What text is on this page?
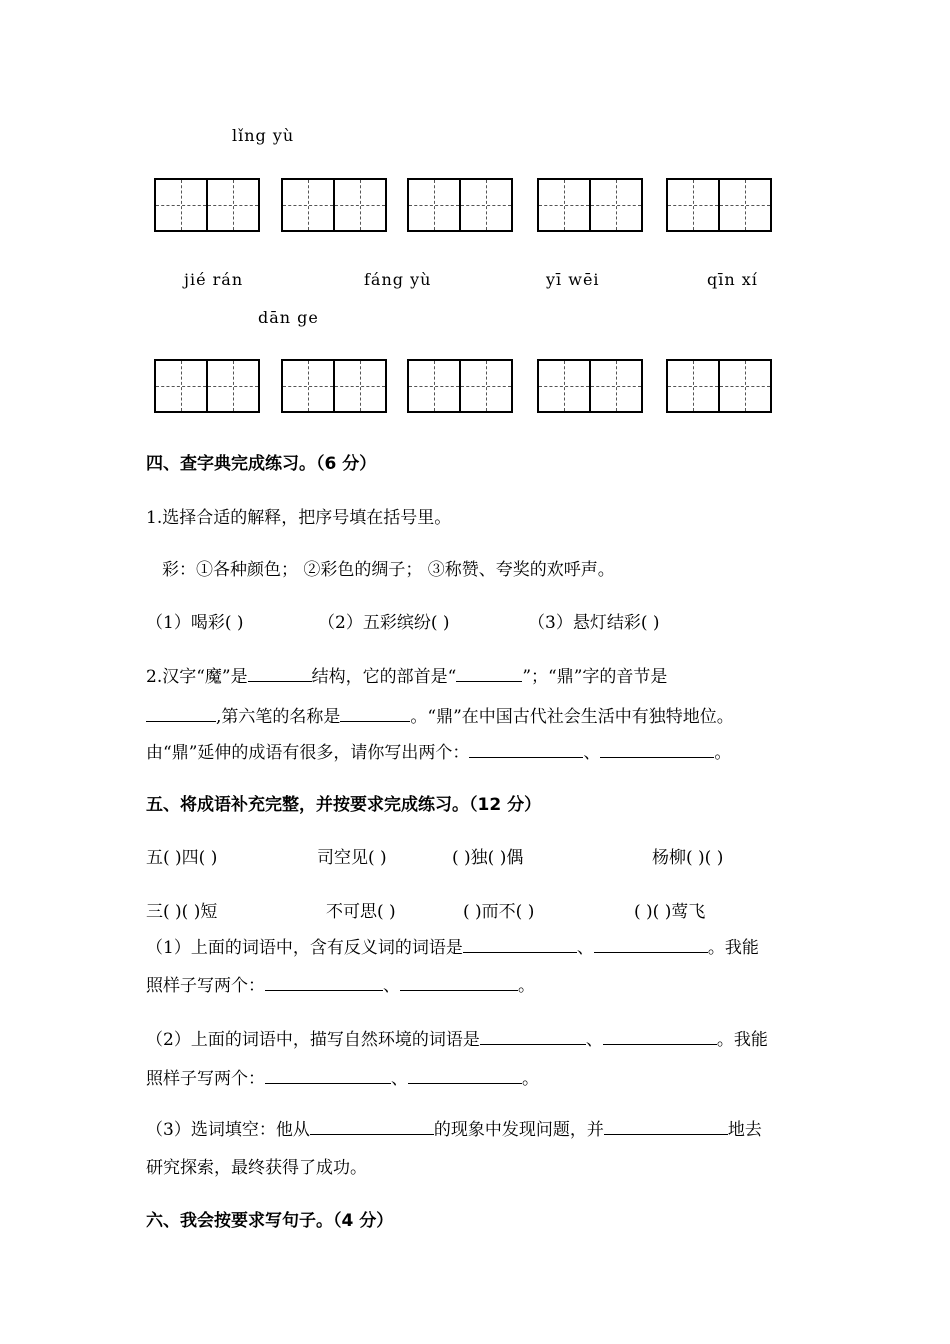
lǐng yù
jié rán	fáng yù	yī wēi	qīn xí
dān ge
四、查字典完成练习。（6 分）
1.选择合适的解释，把序号填在括号里。
彩：①各种颜色； ②彩色的绸子； ③称赞、夸奖的欢呼声。
（1）喝彩( )	（2）五彩缤纷( )	（3）悬灯结彩( )
2.汉字“魔”是	结构，它的部首是“	”；“鼎”字的音节是
,第六笔的名称是	。“鼎”在中国古代社会生活中有独特地位。
由“鼎”延伸的成语有很多，请你写出两个：	、	。
五、将成语补充完整，并按要求完成练习。（12 分）
五( )四( )	司空见( )	( )独( )偶	杨柳( )( )
三( )( )短	不可思( )	( )而不( )	( )( )莺飞
（1）上面的词语中，含有反义词的词语是	、	。我能
照样子写两个：	、	。
（2）上面的词语中，描写自然环境的词语是	、	。我能
照样子写两个：	、	。
（3）选词填空：他从	的现象中发现问题，并	地去
研究探索，最终获得了成功。
六、我会按要求写句子。（4 分）
